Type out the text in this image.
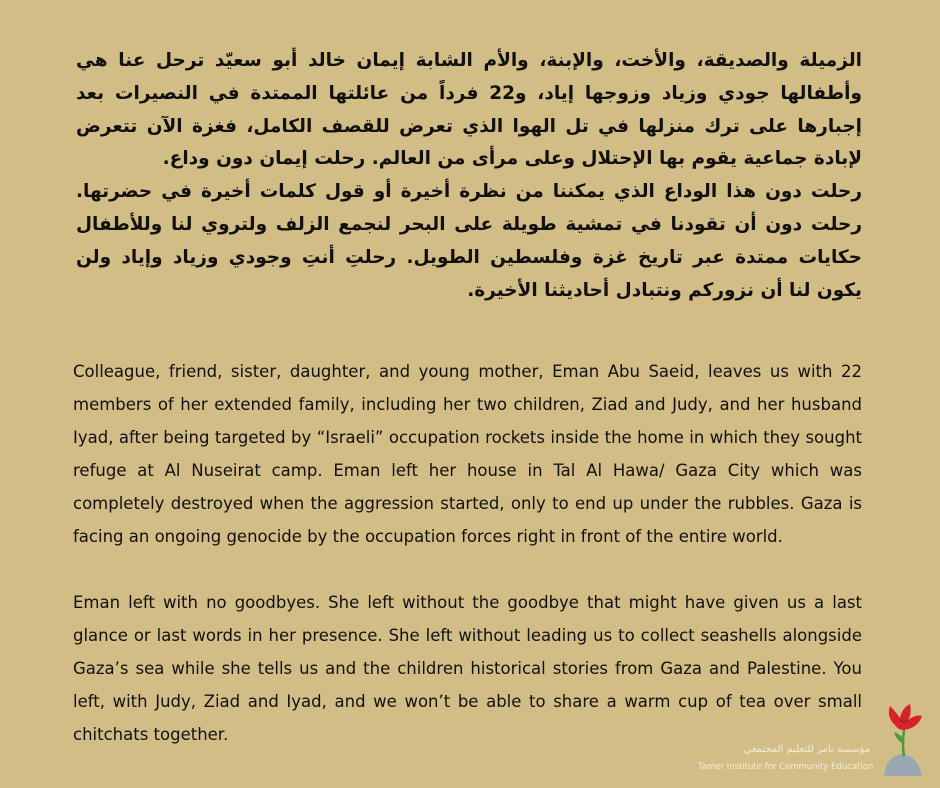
الزميلة والصديقة، والأخت، والإبنة، والأم الشابة إيمان خالد أبو سعيّد ترحل عنا هي وأطفالها جودي وزياد وزوجها إياد، و22 فرداً من عائلتها الممتدة في النصيرات بعد إجبارها على ترك منزلها في تل الهوا الذي تعرض للقصف الكامل، فغزة الآن تتعرض لإبادة جماعية يقوم بها الإحتلال وعلى مرأى من العالم. رحلت إيمان دون وداع.

رحلت دون هذا الوداع الذي يمكننا من نظرة أخيرة أو قول كلمات أخيرة في حضرتها. رحلت دون أن تقودنا في تمشية طويلة على البحر لنجمع الزلف ولتروي لنا وللأطفال حكايات ممتدة عبر تاريخ غزة وفلسطين الطويل. رحلتِ أنتِ وجودي وزياد وإياد ولن يكون لنا أن نزوركم ونتبادل أحاديثنا الأخيرة.

Colleague, friend, sister, daughter, and young mother, Eman Abu Saeid, leaves us with 22 members of her extended family, including her two children, Ziad and Judy, and her husband Iyad, after being targeted by “Israeli” occupation rockets inside the home in which they sought refuge at Al Nuseirat camp. Eman left her house in Tal Al Hawa/ Gaza City which was completely destroyed when the aggression started, only to end up under the rubbles. Gaza is facing an ongoing genocide by the occupation forces right in front of the entire world.

Eman left with no goodbyes. She left without the goodbye that might have given us a last glance or last words in her presence. She left without leading us to collect seashells alongside Gaza’s sea while she tells us and the children historical stories from Gaza and Palestine. You left, with Judy, Ziad and Iyad, and we won’t be able to share a warm cup of tea over small chitchats together.

مؤسسة تامر للتعليم المجتمعي
Tamer Institute for Community Education
